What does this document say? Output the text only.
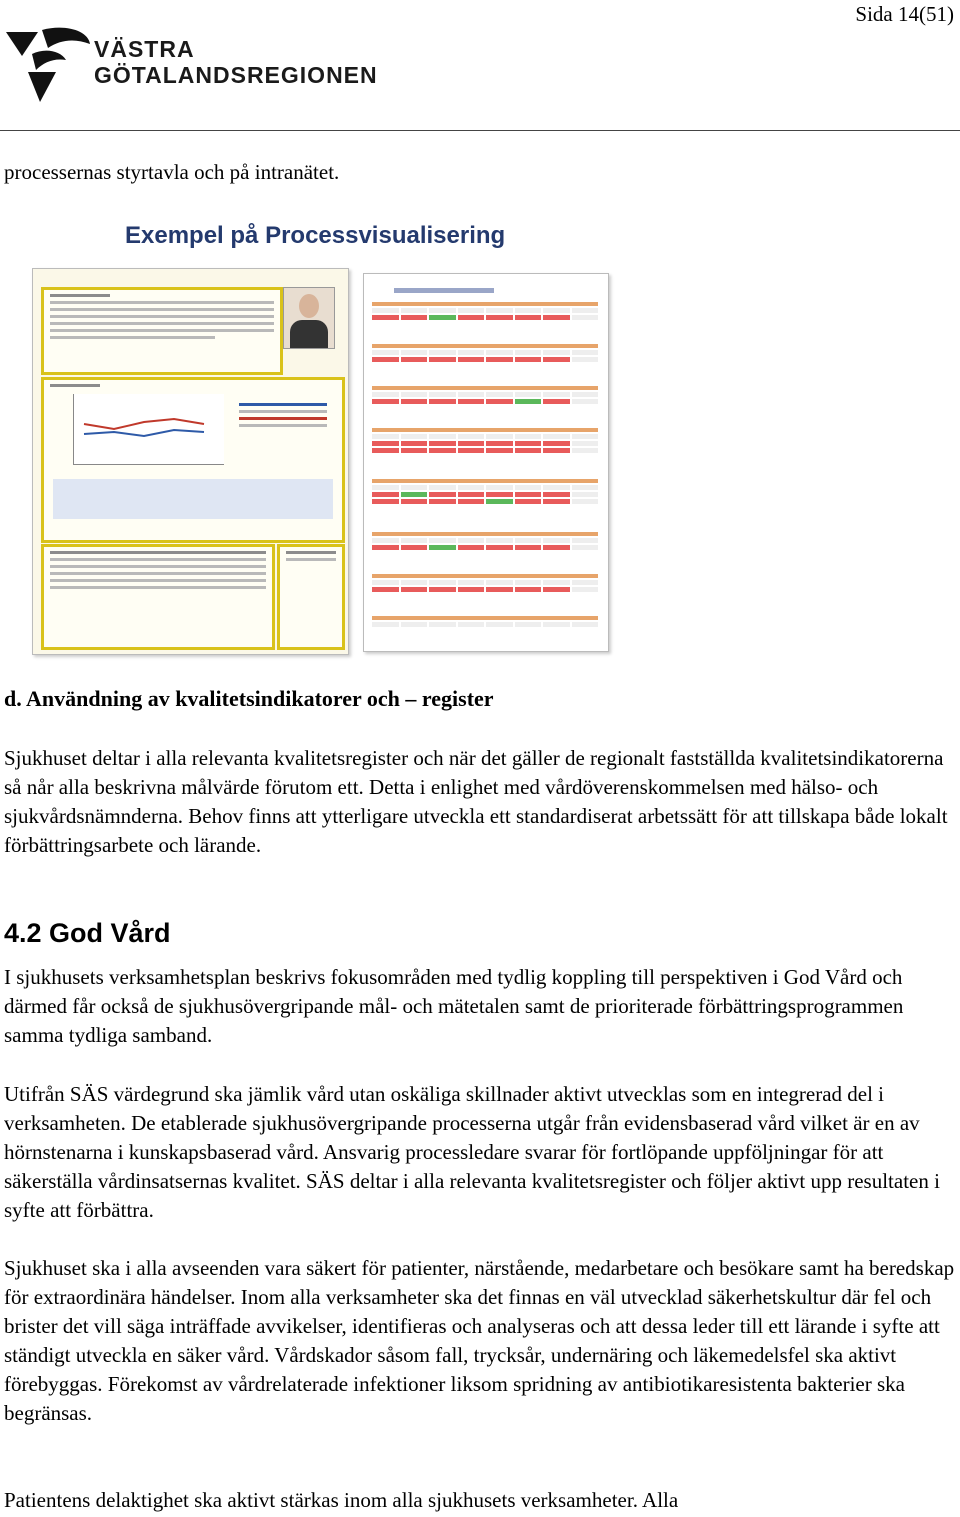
Sida 14(51)
VÄSTRA
GÖTALANDSREGIONEN

processernas styrtavla och på intranätet.

Exempel på Processvisualisering
d. Användning av kvalitetsindikatorer och – register

Sjukhuset deltar i alla relevanta kvalitetsregister och när det gäller de regionalt fastställda kvalitetsindikatorerna så når alla beskrivna målvärde förutom ett. Detta i enlighet med vårdöverenskommelsen med hälso- och sjukvårdsnämnderna. Behov finns att ytterligare utveckla ett standardiserat arbetssätt för att tillskapa både lokalt förbättringsarbete och lärande.

4.2 God Vård

I sjukhusets verksamhetsplan beskrivs fokusområden med tydlig koppling till perspektiven i God Vård och därmed får också de sjukhusövergripande mål- och mätetalen samt de prioriterade förbättringsprogrammen samma tydliga samband.

Utifrån SÄS värdegrund ska jämlik vård utan oskäliga skillnader aktivt utvecklas som en integrerad del i verksamheten. De etablerade sjukhusövergripande processerna utgår från evidensbaserad vård vilket är en av hörnstenarna i kunskapsbaserad vård. Ansvarig processledare svarar för fortlöpande uppföljningar för att säkerställa vårdinsatsernas kvalitet. SÄS deltar i alla relevanta kvalitetsregister och följer aktivt upp resultaten i syfte att förbättra.

Sjukhuset ska i alla avseenden vara säkert för patienter, närstående, medarbetare och besökare samt ha beredskap för extraordinära händelser. Inom alla verksamheter ska det finnas en väl utvecklad säkerhetskultur där fel och brister det vill säga inträffade avvikelser, identifieras och analyseras och att dessa leder till ett lärande i syfte att ständigt utveckla en säker vård. Vårdskador såsom fall, trycksår, undernäring och läkemedelsfel ska aktivt förebyggas. Förekomst av vårdrelaterade infektioner liksom spridning av antibiotikaresistenta bakterier ska begränsas.

Patientens delaktighet ska aktivt stärkas inom alla sjukhusets verksamheter. Alla
